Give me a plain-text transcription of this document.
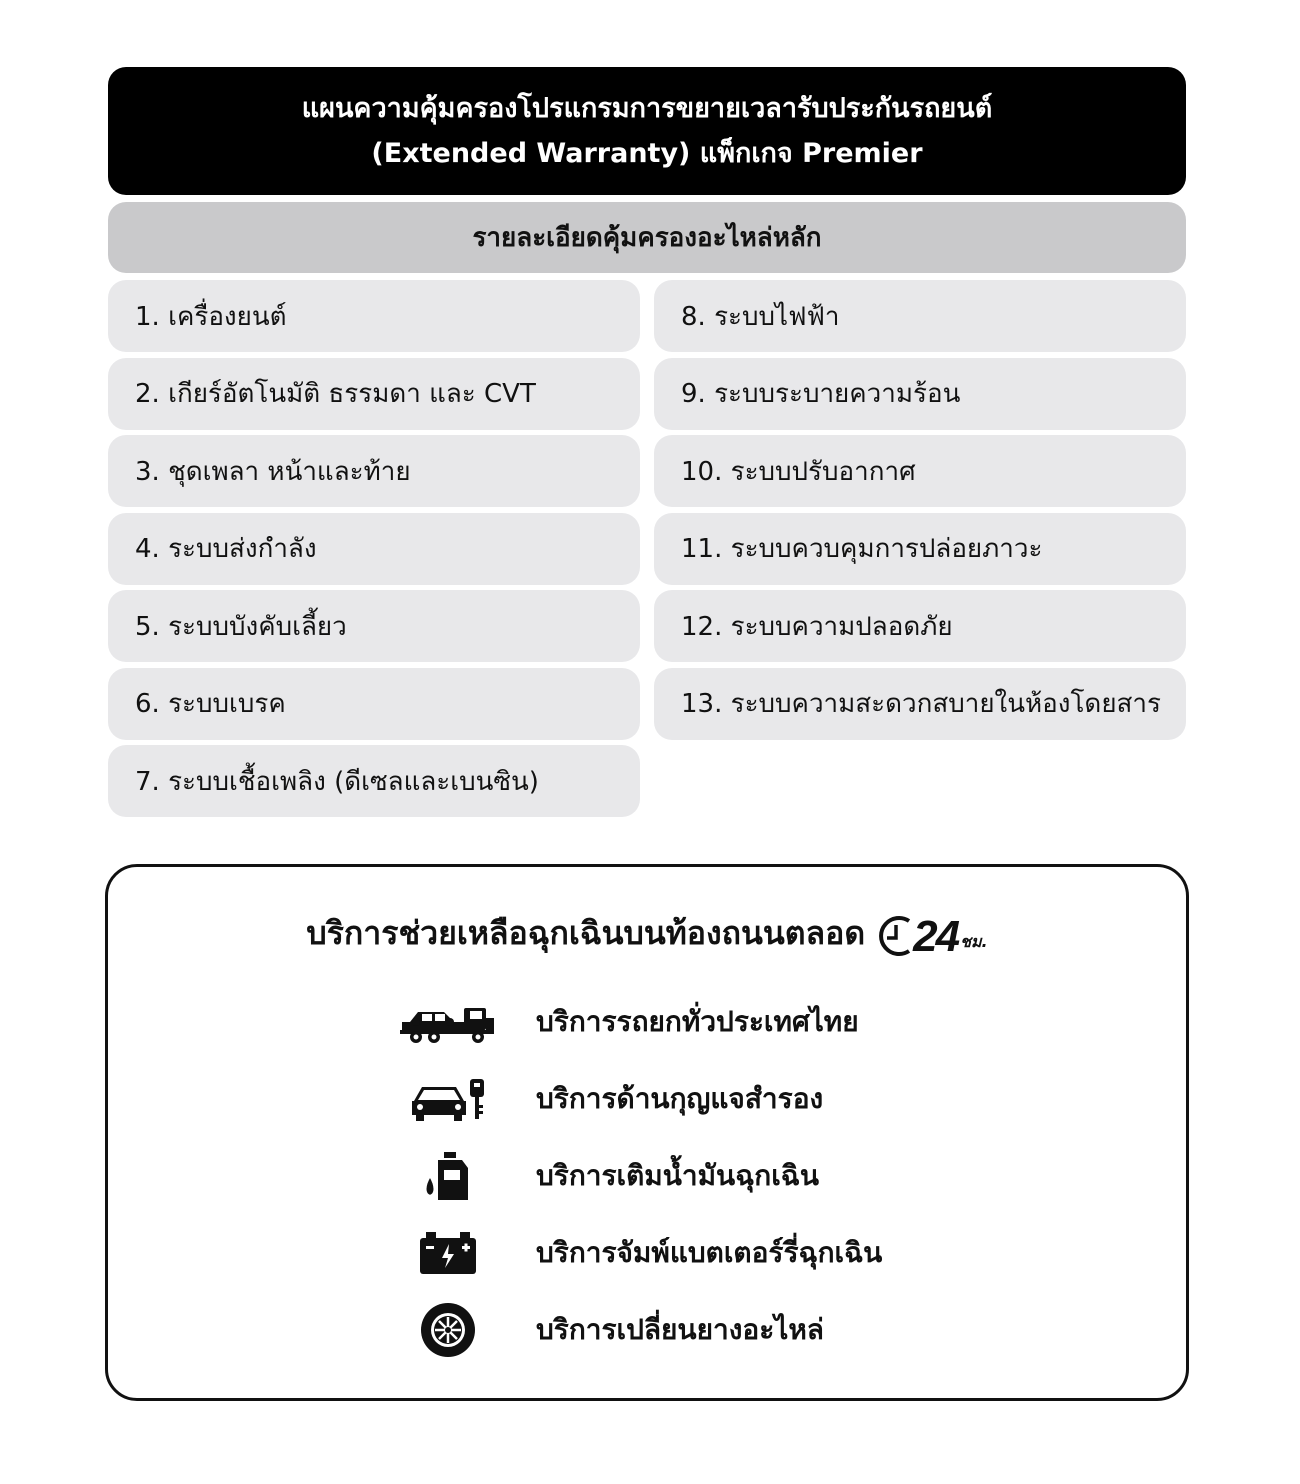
แผนความคุ้มครองโปรแกรมการขยายเวลารับประกันรถยนต์
(Extended Warranty) แพ็กเกจ Premier
รายละเอียดคุ้มครองอะไหล่หลัก
1. เครื่องยนต์
2. เกียร์อัตโนมัติ ธรรมดา และ CVT
3. ชุดเพลา หน้าและท้าย
4. ระบบส่งกำลัง
5. ระบบบังคับเลี้ยว
6. ระบบเบรค
7. ระบบเชื้อเพลิง (ดีเซลและเบนซิน)
8. ระบบไฟฟ้า
9. ระบบระบายความร้อน
10. ระบบปรับอากาศ
11. ระบบควบคุมการปล่อยภาวะ
12. ระบบความปลอดภัย
13. ระบบความสะดวกสบายในห้องโดยสาร
บริการช่วยเหลือฉุกเฉินบนท้องถนนตลอด 24 ชม.
บริการรถยกทั่วประเทศไทย
บริการด้านกุญแจสำรอง
บริการเติมน้ำมันฉุกเฉิน
บริการจัมพ์แบตเตอร์รี่ฉุกเฉิน
บริการเปลี่ยนยางอะไหล่
